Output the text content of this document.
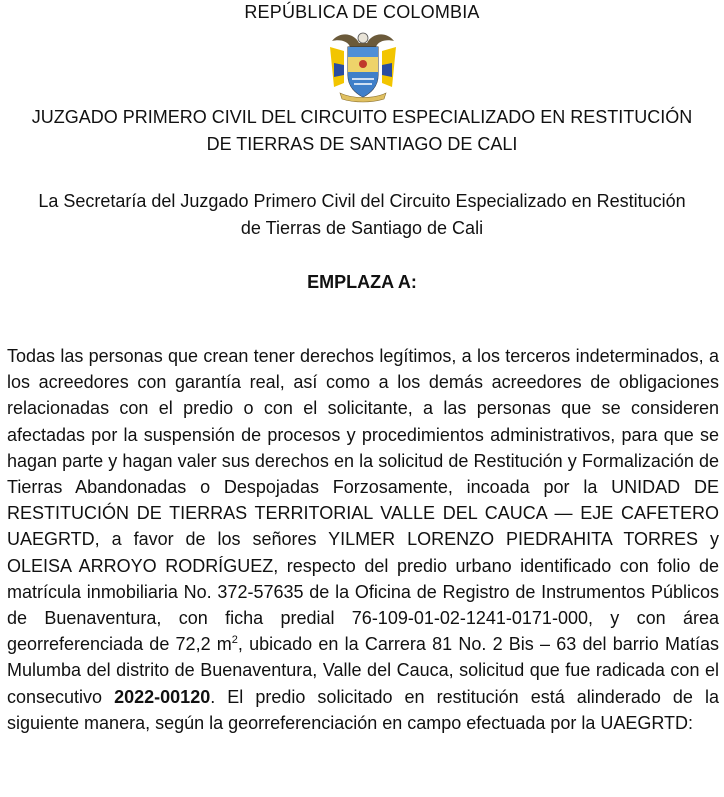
REPÚBLICA DE COLOMBIA
JUZGADO PRIMERO CIVIL DEL CIRCUITO ESPECIALIZADO EN RESTITUCIÓN
DE TIERRAS DE SANTIAGO DE CALI
La Secretaría del Juzgado Primero Civil del Circuito Especializado en Restitución
de Tierras de Santiago de Cali
EMPLAZA A:

Todas las personas que crean tener derechos legítimos, a los terceros indeterminados, a los acreedores con garantía real, así como a los demás acreedores de obligaciones relacionadas con el predio o con el solicitante, a las personas que se consideren afectadas por la suspensión de procesos y procedimientos administrativos, para que se hagan parte y hagan valer sus derechos en la solicitud de Restitución y Formalización de Tierras Abandonadas o Despojadas Forzosamente, incoada por la UNIDAD DE RESTITUCIÓN DE TIERRAS TERRITORIAL VALLE DEL CAUCA — EJE CAFETERO UAEGRTD, a favor de los señores YILMER LORENZO PIEDRAHITA TORRES y OLEISA ARROYO RODRÍGUEZ, respecto del predio urbano identificado con folio de matrícula inmobiliaria No. 372-57635 de la Oficina de Registro de Instrumentos Públicos de Buenaventura, con ficha predial 76-109-01-02-1241-0171-000, y con área georreferenciada de 72,2 $m^2$, ubicado en la Carrera 81 No. 2 Bis – 63 del barrio Matías Mulumba del distrito de Buenaventura, Valle del Cauca, solicitud que fue radicada con el consecutivo 2022-00120. El predio solicitado en restitución está alinderado de la siguiente manera, según la georreferenciación en campo efectuada por la UAEGRTD:
